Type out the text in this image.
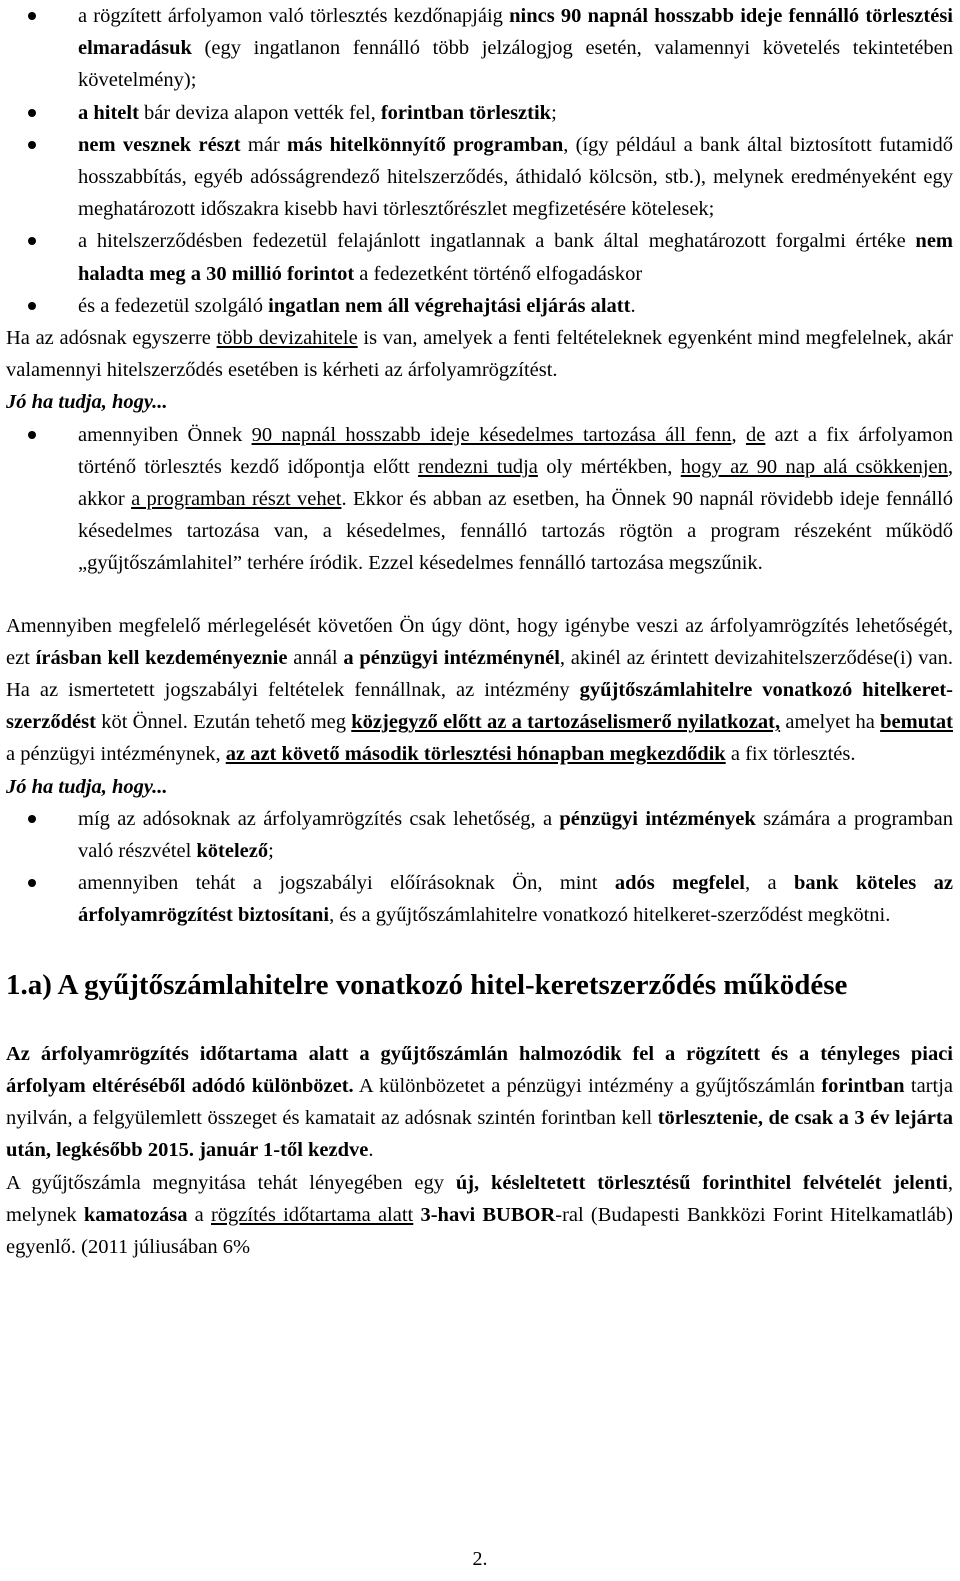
a rögzített árfolyamon való törlesztés kezdőnapjáig nincs 90 napnál hosszabb ideje fennálló törlesztési elmaradásuk (egy ingatlanon fennálló több jelzálogjog esetén, valamennyi követelés tekintetében követelmény);
a hitelt bár deviza alapon vették fel, forintban törlesztik;
nem vesznek részt már más hitelkönnyítő programban, (így például a bank által biztosított futamidő hosszabbítás, egyéb adósságrendező hitelszerződés, áthidaló kölcsön, stb.), melynek eredményeként egy meghatározott időszakra kisebb havi törlesztőrészlet megfizetésére kötelesek;
a hitelszerződésben fedezetül felajánlott ingatlannak a bank által meghatározott forgalmi értéke nem haladta meg a 30 millió forintot a fedezetként történő elfogadáskor
és a fedezetül szolgáló ingatlan nem áll végrehajtási eljárás alatt.

Ha az adósnak egyszerre több devizahitele is van, amelyek a fenti feltételeknek egyenként mind megfelelnek, akár valamennyi hitelszerződés esetében is kérheti az árfolyamrögzítést.

Jó ha tudja, hogy...

amennyiben Önnek 90 napnál hosszabb ideje késedelmes tartozása áll fenn, de azt a fix árfolyamon történő törlesztés kezdő időpontja előtt rendezni tudja oly mértékben, hogy az 90 nap alá csökkenjen, akkor a programban részt vehet. Ekkor és abban az esetben, ha Önnek 90 napnál rövidebb ideje fennálló késedelmes tartozása van, a késedelmes, fennálló tartozás rögtön a program részeként működő „gyűjtőszámlahitel” terhére íródik. Ezzel késedelmes fennálló tartozása megszűnik.

Amennyiben megfelelő mérlegelését követően Ön úgy dönt, hogy igénybe veszi az árfolyamrögzítés lehetőségét, ezt írásban kell kezdeményeznie annál a pénzügyi intézménynél, akinél az érintett devizahitelszerződése(i) van. Ha az ismertetett jogszabályi feltételek fennállnak, az intézmény gyűjtőszámlahitelre vonatkozó hitelkeret-szerződést köt Önnel. Ezután tehető meg közjegyző előtt az a tartozáselismerő nyilatkozat, amelyet ha bemutat a pénzügyi intézménynek, az azt követő második törlesztési hónapban megkezdődik a fix törlesztés.

Jó ha tudja, hogy...

míg az adósoknak az árfolyamrögzítés csak lehetőség, a pénzügyi intézmények számára a programban való részvétel kötelező;
amennyiben tehát a jogszabályi előírásoknak Ön, mint adós megfelel, a bank köteles az árfolyamrögzítést biztosítani, és a gyűjtőszámlahitelre vonatkozó hitelkeret-szerződést megkötni.
1.a) A gyűjtőszámlahitelre vonatkozó hitel-keretszerződés működése

Az árfolyamrögzítés időtartama alatt a gyűjtőszámlán halmozódik fel a rögzített és a tényleges piaci árfolyam eltéréséből adódó különbözet. A különbözetet a pénzügyi intézmény a gyűjtőszámlán forintban tartja nyilván, a felgyülemlett összeget és kamatait az adósnak szintén forintban kell törlesztenie, de csak a 3 év lejárta után, legkésőbb 2015. január 1-től kezdve.

A gyűjtőszámla megnyitása tehát lényegében egy új, késleltetett törlesztésű forinthitel felvételét jelenti, melynek kamatozása a rögzítés időtartama alatt 3-havi BUBOR-ral (Budapesti Bankközi Forint Hitelkamatláb) egyenlő. (2011 júliusában 6%

2.
